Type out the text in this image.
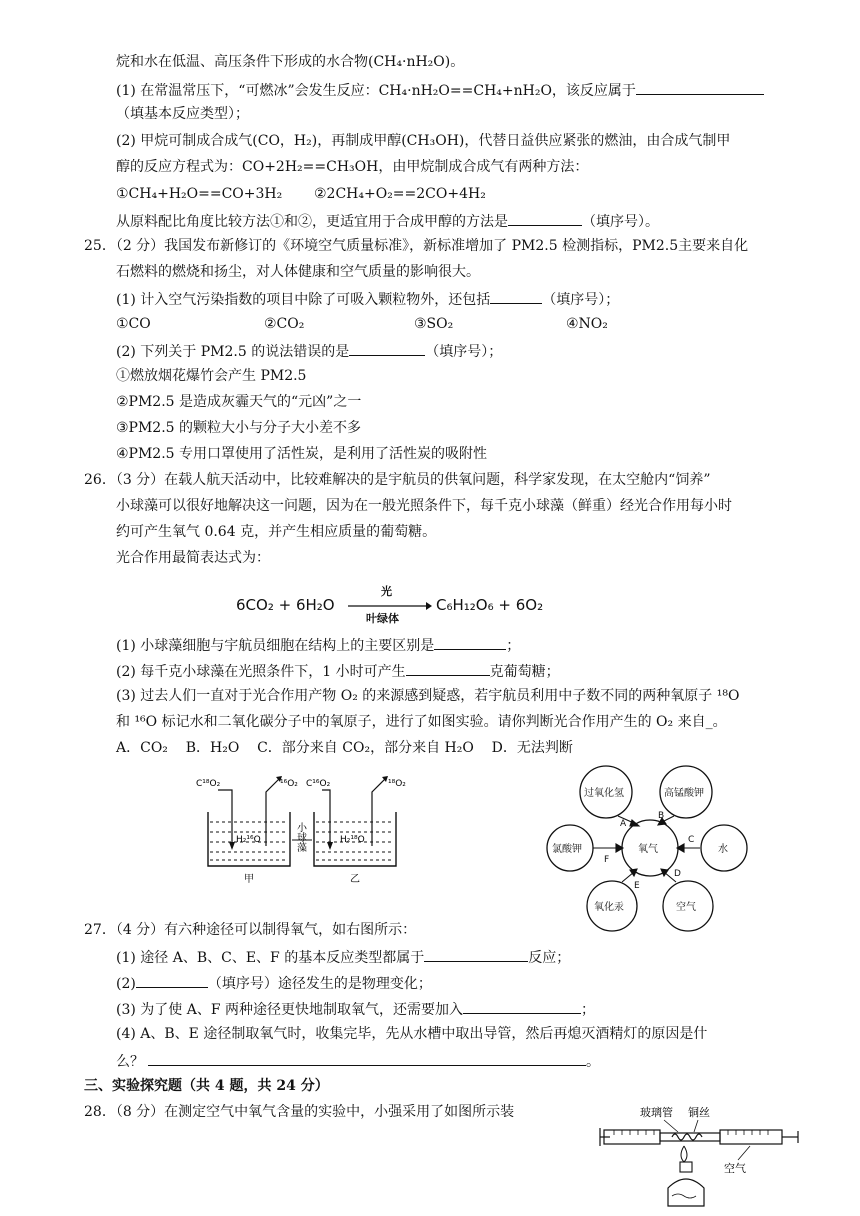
烷和水在低温、高压条件下形成的水合物(CH₄·nH₂O)。
(1) 在常温常压下，“可燃冰”会发生反应：CH₄·nH₂O==CH₄+nH₂O，该反应属于
（填基本反应类型）；
(2) 甲烷可制成合成气(CO，H₂)，再制成甲醇(CH₃OH)，代替日益供应紧张的燃油，由合成气制甲
醇的反应方程式为：CO+2H₂==CH₃OH，由甲烷制成合成气有两种方法：
①CH₄+H₂O==CO+3H₂ ②2CH₄+O₂==2CO+4H₂
从原料配比角度比较方法①和②，更适宜用于合成甲醇的方法是	（填序号）。
25．（2 分）我国发布新修订的《环境空气质量标准》，新标准增加了 PM2.5 检测指标，PM2.5主要来自化
石燃料的燃烧和扬尘，对人体健康和空气质量的影响很大。
(1) 计入空气污染指数的项目中除了可吸入颗粒物外，还包括	（填序号）；
①CO	②CO₂	③SO₂	④NO₂
(2) 下列关于 PM2.5 的说法错误的是	（填序号）；
①燃放烟花爆竹会产生 PM2.5
②PM2.5 是造成灰霾天气的“元凶”之一
③PM2.5 的颗粒大小与分子大小差不多
④PM2.5 专用口罩使用了活性炭，是利用了活性炭的吸附性
26．（3 分）在载人航天活动中，比较难解决的是宇航员的供氧问题，科学家发现，在太空舱内“饲养”
小球藻可以很好地解决这一问题，因为在一般光照条件下，每千克小球藻（鲜重）经光合作用每小时
约可产生氧气 0.64 克，并产生相应质量的葡萄糖。
光合作用最简表达式为：
6CO₂ + 6H₂O
光
叶绿体
C₆H₁₂O₆ + 6O₂
(1) 小球藻细胞与宇航员细胞在结构上的主要区别是	；
(2) 每千克小球藻在光照条件下，1 小时可产生	克葡萄糖；
(3) 过去人们一直对于光合作用产物 O₂ 的来源感到疑惑，若宇航员利用中子数不同的两种氧原子 ¹⁸O
和 ¹⁶O 标记水和二氧化碳分子中的氧原子，进行了如图实验。请你判断光合作用产生的 O₂ 来自_。
A．CO₂    B．H₂O    C．部分来自 CO₂，部分来自 H₂O    D．无法判断
C¹⁸O₂	¹⁶O₂
H₂¹⁶O
甲
小球藻
C¹⁶O₂	¹⁸O₂
H₂¹⁸O
乙
氧气
过氧化氢	高锰酸钾
氯酸钾	水
氧化汞	空气
A
B
C
F
E
D
27．（4 分）有六种途径可以制得氧气，如右图所示：
(1) 途径 A、B、C、E、F 的基本反应类型都属于	反应；
(2)	（填序号）途径发生的是物理变化；
(3) 为了使 A、F 两种途径更快地制取氧气，还需要加入	；
(4) A、B、E 途径制取氧气时，收集完毕，先从水槽中取出导管，然后再熄灭酒精灯的原因是什
么？	。
三、实验探究题（共 4 题，共 24 分）
28．（8 分）在测定空气中氧气含量的实验中，小强采用了如图所示装	玻璃管 铜丝
空气
